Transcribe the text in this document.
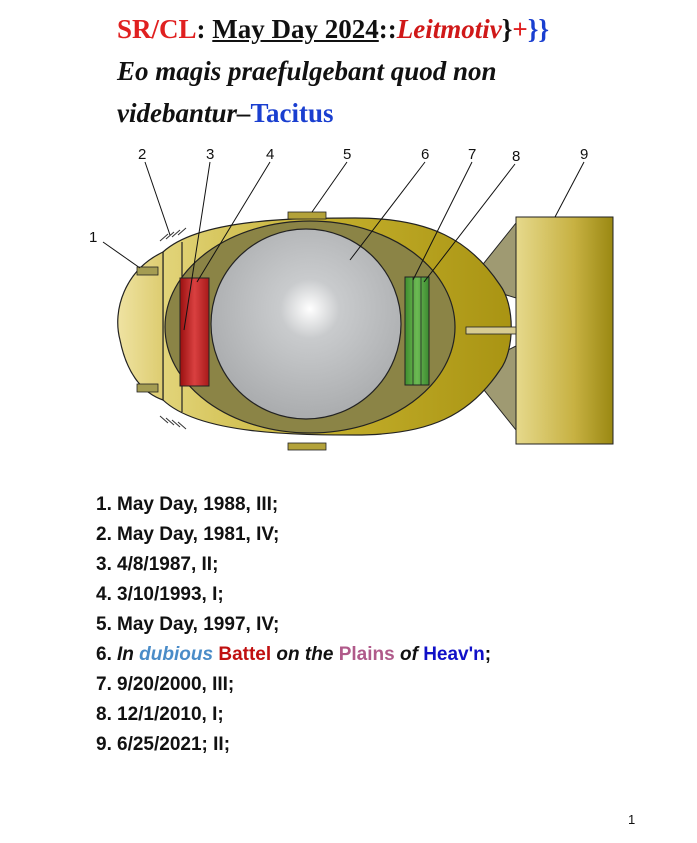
SR/CL: May Day 2024::Leitmotiv}+}}
Eo magis praefulgebant quod non
videbantur–Tacitus
1
2	3	4	5	6	7 8	9
1. May Day, 1988, III;
2. May Day, 1981, IV;
3. 4/8/1987, II;
4. 3/10/1993, I;
5. May Day, 1997, IV;
6. In dubious Battel on the Plains of Heav'n;
7. 9/20/2000, III;
8. 12/1/2010, I;
9. 6/25/2021; II;
1
